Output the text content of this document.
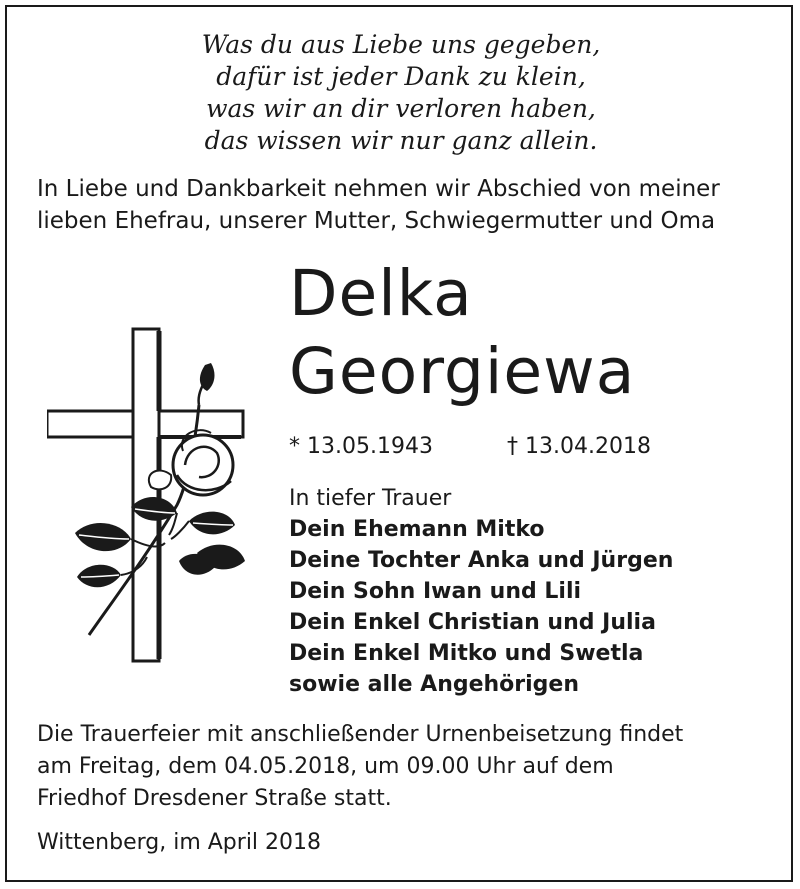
Was du aus Liebe uns gegeben,
dafür ist jeder Dank zu klein,
was wir an dir verloren haben,
das wissen wir nur ganz allein.
In Liebe und Dankbarkeit nehmen wir Abschied von meiner
lieben Ehefrau, unserer Mutter, Schwiegermutter und Oma
Delka
Georgiewa
* 13.05.1943	† 13.04.2018
In tiefer Trauer
Dein Ehemann Mitko
Deine Tochter Anka und Jürgen
Dein Sohn Iwan und Lili
Dein Enkel Christian und Julia
Dein Enkel Mitko und Swetla
sowie alle Angehörigen
Die Trauerfeier mit anschließender Urnenbeisetzung findet
am Freitag, dem 04.05.2018, um 09.00 Uhr auf dem
Friedhof Dresdener Straße statt.
Wittenberg, im April 2018
